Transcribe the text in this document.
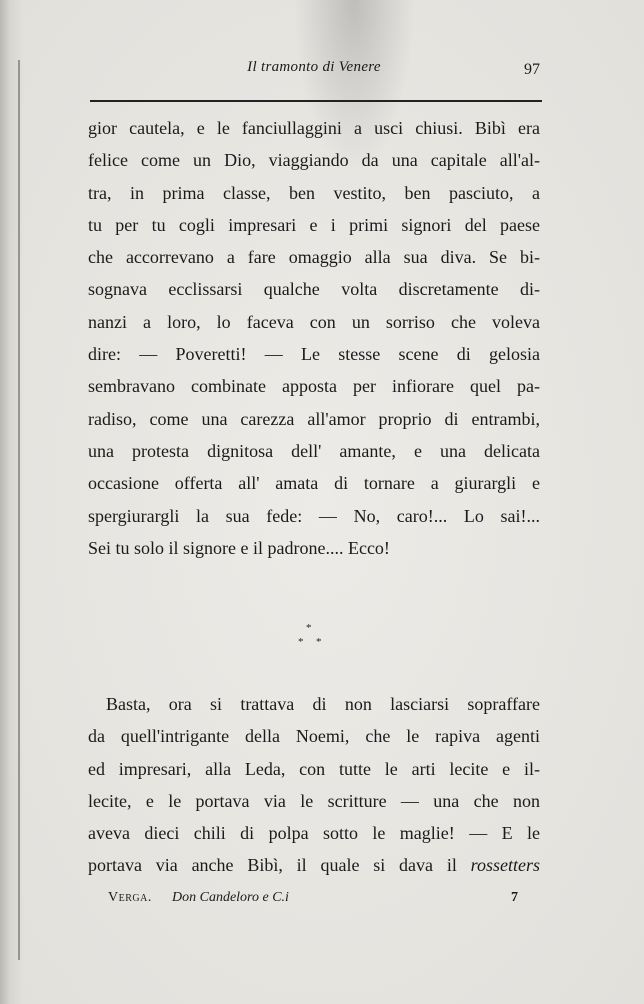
Il tramonto di Venere	97
gior cautela, e le fanciullaggini a usci chiusi. Bibì era
felice come un Dio, viaggiando da una capitale all'al-
tra, in prima classe, ben vestito, ben pasciuto, a
tu per tu cogli impresari e i primi signori del paese
che accorrevano a fare omaggio alla sua diva. Se bi-
sognava ecclissarsi qualche volta discretamente di-
nanzi a loro, lo faceva con un sorriso che voleva
dire: — Poveretti! — Le stesse scene di gelosia
sembravano combinate apposta per infiorare quel pa-
radiso, come una carezza all'amor proprio di entrambi,
una protesta dignitosa dell' amante, e una delicata
occasione offerta all' amata di tornare a giurargli e
spergiurargli la sua fede: — No, caro!... Lo sai!...
Sei tu solo il signore e il padrone.... Ecco!
*
* *
Basta, ora si trattava di non lasciarsi sopraffare
da quell'intrigante della Noemi, che le rapiva agenti
ed impresari, alla Leda, con tutte le arti lecite e il-
lecite, e le portava via le scritture — una che non
aveva dieci chili di polpa sotto le maglie! — E le
portava via anche Bibì, il quale si dava il rossetters
Verga. Don Candeloro e C.i	7
